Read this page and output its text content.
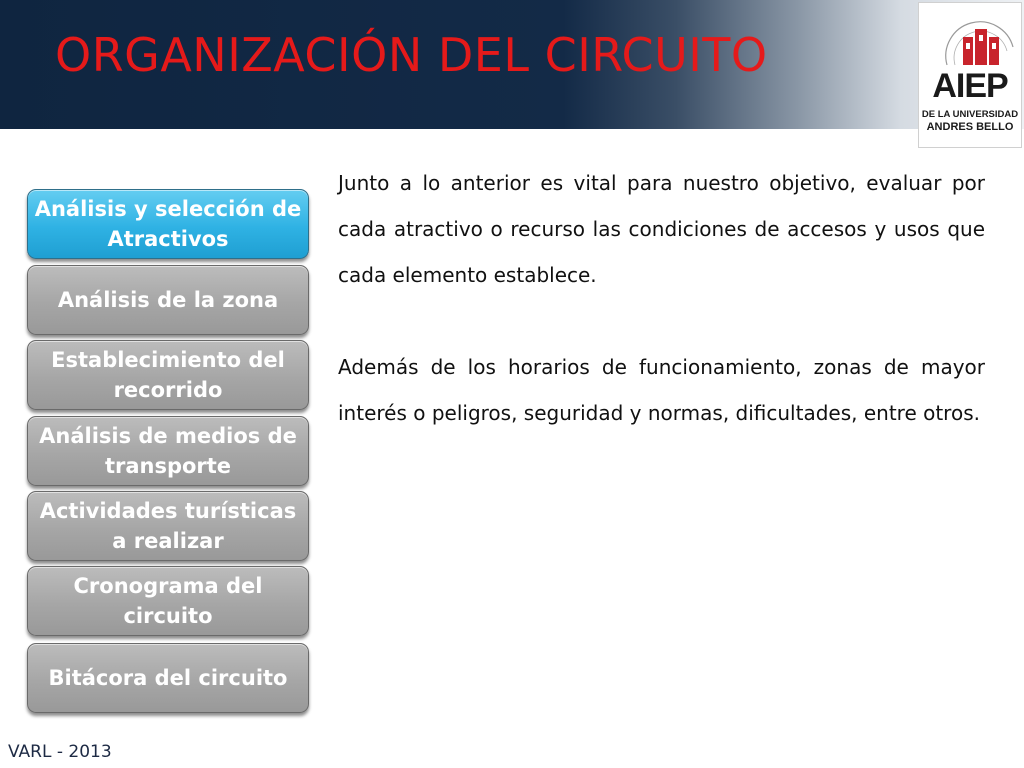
ORGANIZACIÓN DEL CIRCUITO
AIEP
DE LA UNIVERSIDAD
ANDRES BELLO
Análisis y selección de Atractivos
Análisis de la zona
Establecimiento del recorrido
Análisis de medios de transporte
Actividades turísticas a realizar
Cronograma del circuito
Bitácora del circuito

Junto a lo anterior es vital para nuestro objetivo, evaluar por cada atractivo o recurso las condiciones de accesos y usos que cada elemento establece.

Además de los horarios de funcionamiento, zonas de mayor interés o peligros, seguridad y normas, dificultades, entre otros.

VARL - 2013
